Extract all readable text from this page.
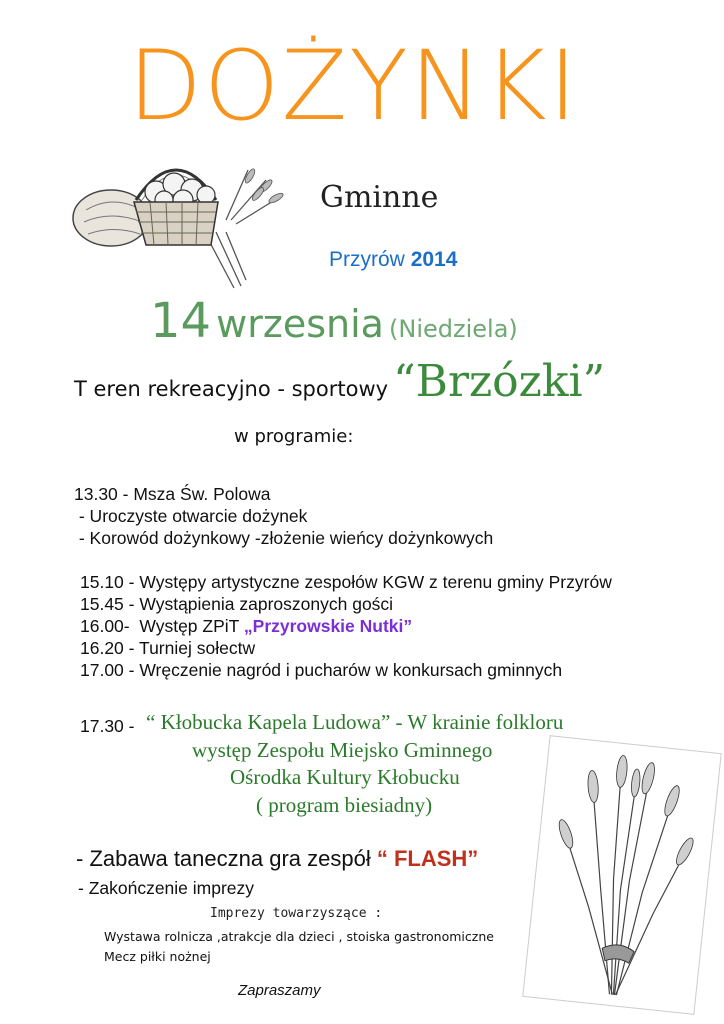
DOŻYNKI
Gminne
Przyrów 2014
14 wrzesnia (Niedziela)
T eren rekreacyjno - sportowy “Brzózki”
w programie:
13.30 - Msza Św. Polowa
- Uroczyste otwarcie dożynek
- Korowód dożynkowy -złożenie wieńcy dożynkowych
15.10 - Występy artystyczne zespołów KGW z terenu gminy Przyrów
15.45 - Wystąpienia zaproszonych gości
16.00-  Występ ZPiT „Przyrowskie Nutki”
16.20 - Turniej sołectw
17.00 - Wręczenie nagród i pucharów w konkursach gminnych
17.30 - “ Kłobucka Kapela Ludowa” - W krainie folkloru
występ Zespołu Miejsko Gminnego
Ośrodka Kultury Kłobucku
( program biesiadny)
- Zabawa taneczna gra zespół “ FLASH”
- Zakończenie imprezy
Imprezy towarzyszące :
Wystawa rolnicza ,atrakcje dla dzieci , stoiska gastronomiczne
Mecz piłki nożnej
Zapraszamy
